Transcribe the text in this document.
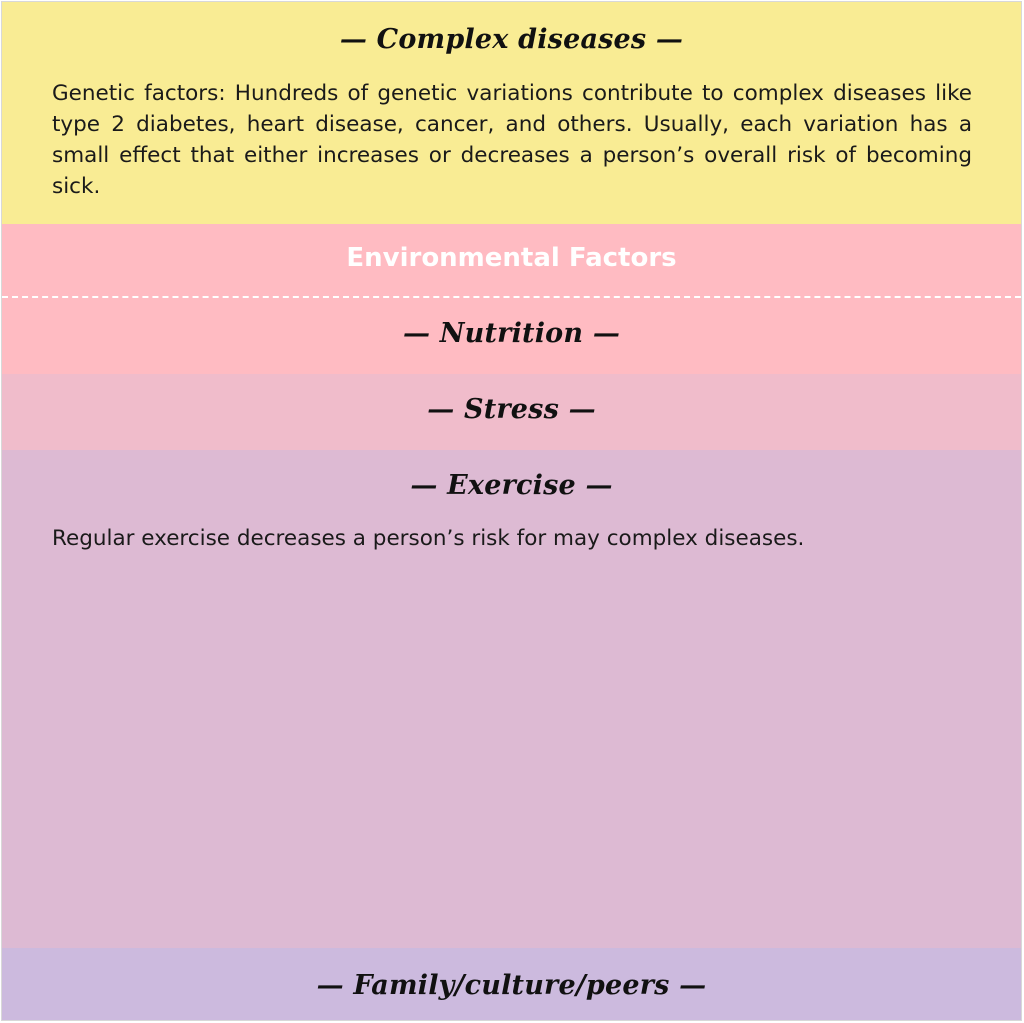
— Complex diseases —

Genetic factors: Hundreds of genetic variations contribute to complex diseases like type 2 diabetes, heart disease, cancer, and others. Usually, each variation has a small effect that either increases or decreases a person’s overall risk of becoming sick.

Environmental Factors
— Nutrition —
— Stress —
— Exercise —

Regular exercise decreases a person’s risk for may complex diseases.

— Family/culture/peers —
